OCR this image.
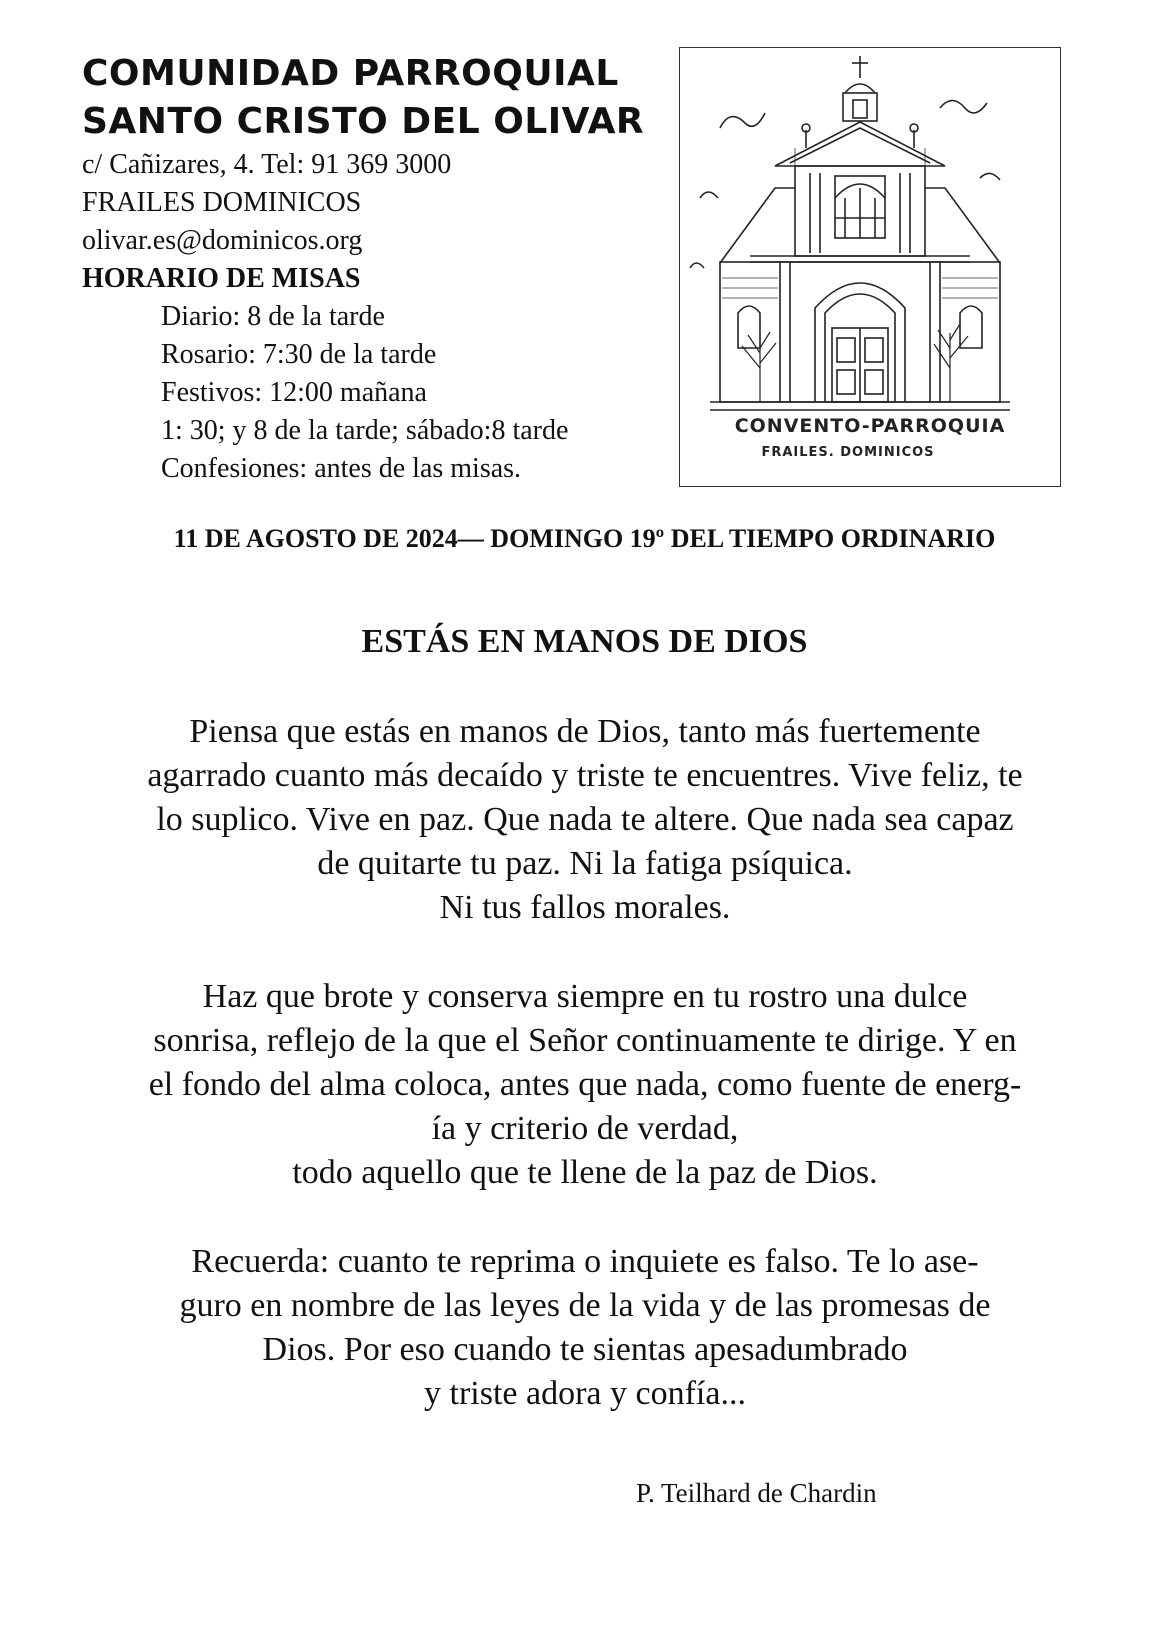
COMUNIDAD PARROQUIAL

SANTO CRISTO DEL OLIVAR

c/ Cañizares, 4. Tel: 91 369 3000

FRAILES DOMINICOS

olivar.es@dominicos.org

HORARIO DE MISAS

Diario: 8 de la tarde

Rosario: 7:30 de la tarde

Festivos: 12:00 mañana

1: 30; y 8 de la tarde; sábado:8 tarde

Confesiones: antes de las misas.

CONVENTO-PARROQUIA
FRAILES. DOMINICOS

11 DE AGOSTO DE 2024— DOMINGO 19º DEL TIEMPO ORDINARIO

ESTÁS EN MANOS DE DIOS

Piensa que estás en manos de Dios, tanto más fuertemente
agarrado cuanto más decaído y triste te encuentres. Vive feliz, te
lo suplico. Vive en paz. Que nada te altere. Que nada sea capaz
de quitarte tu paz. Ni la fatiga psíquica.
Ni tus fallos morales.

Haz que brote y conserva siempre en tu rostro una dulce
sonrisa, reflejo de la que el Señor continuamente te dirige. Y en
el fondo del alma coloca, antes que nada, como fuente de energ-
ía y criterio de verdad,
todo aquello que te llene de la paz de Dios.

Recuerda: cuanto te reprima o inquiete es falso. Te lo ase-
guro en nombre de las leyes de la vida y de las promesas de
Dios. Por eso cuando te sientas apesadumbrado
y triste adora y confía...

P. Teilhard de Chardin
